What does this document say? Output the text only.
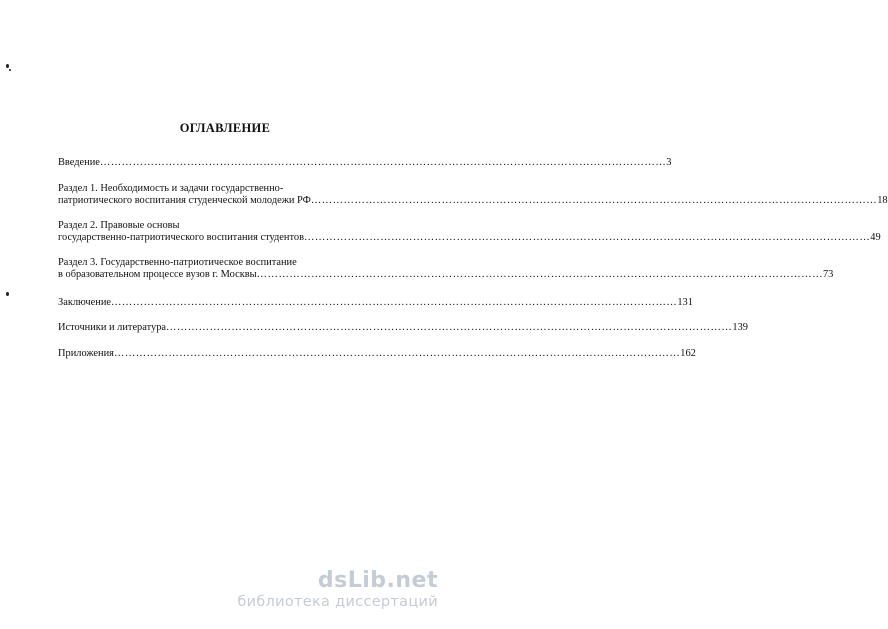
ОГЛАВЛЕНИЕ
Введение ………………………………………………………………………………………………………………………………………… 3
Раздел 1. Необходимость и задачи государственно-
патриотического воспитания студенческой молодежи РФ ………………………………………………………………………………………………………………………………………… 18
Раздел 2. Правовые основы
государственно-патриотического воспитания студентов ………………………………………………………………………………………………………………………………………… 49
Раздел 3. Государственно-патриотическое воспитание
в образовательном процессе вузов г. Москвы ………………………………………………………………………………………………………………………………………… 73
Заключение ………………………………………………………………………………………………………………………………………… 131
Источники и литература ………………………………………………………………………………………………………………………………………… 139
Приложения ………………………………………………………………………………………………………………………………………… 162
dsLib.net
библиотека диссертаций
